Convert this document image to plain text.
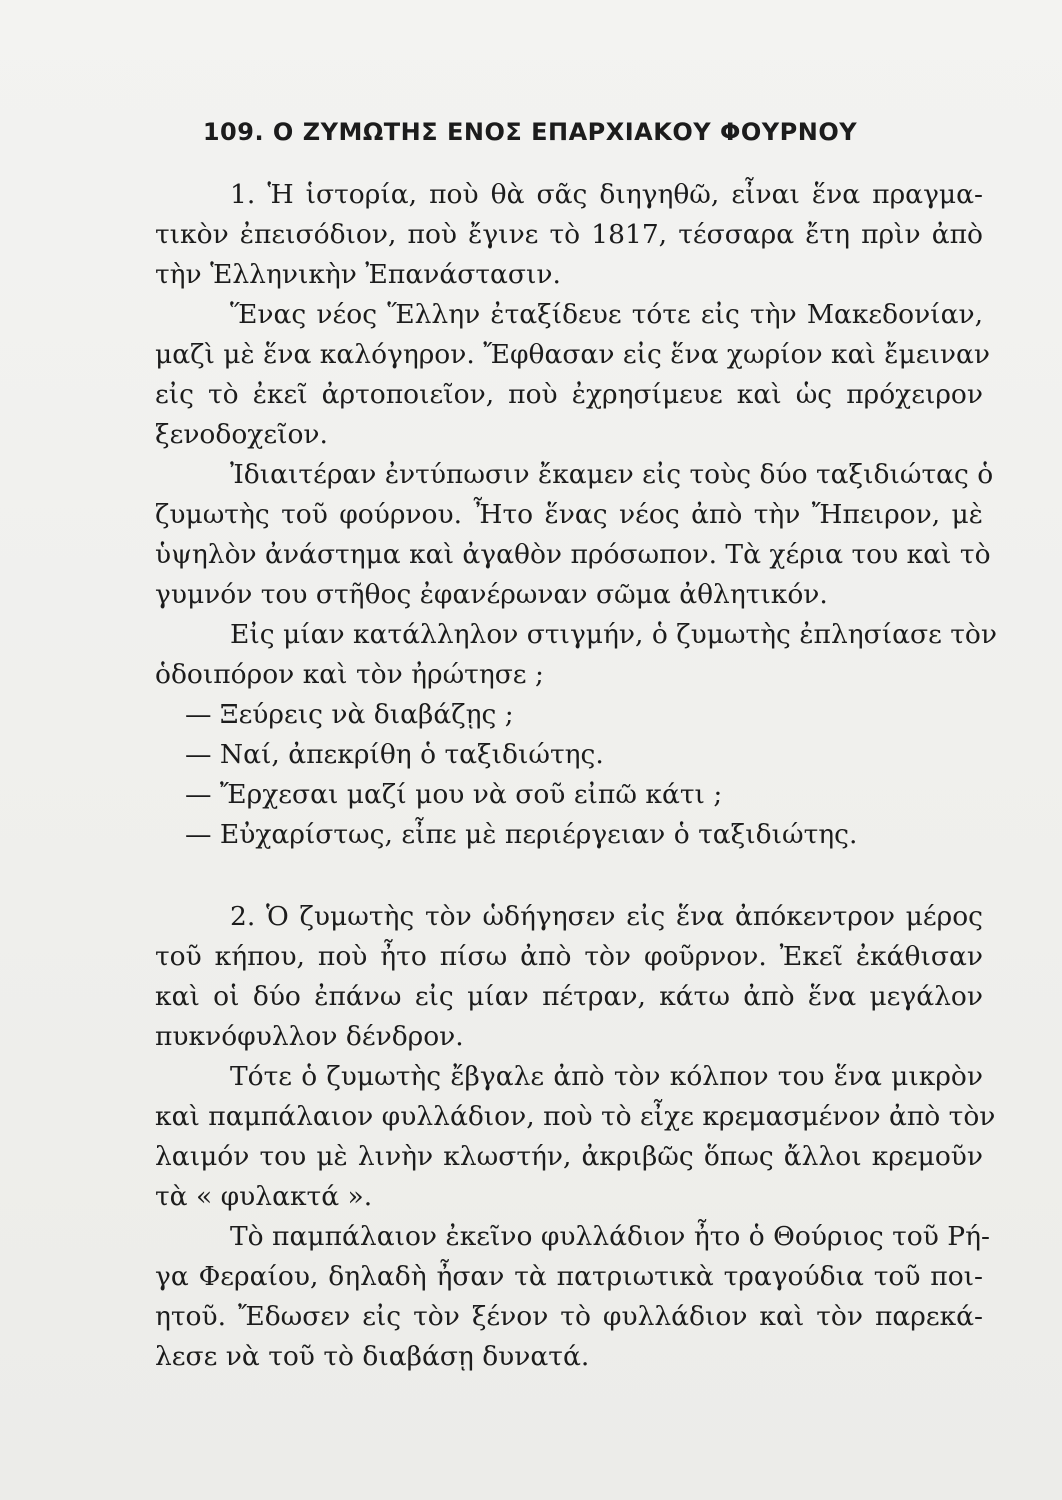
109. Ο ΖΥΜΩΤΗΣ ΕΝΟΣ ΕΠΑΡΧΙΑΚΟΥ ΦΟΥΡΝΟΥ
1. Ἡ ἱστορία, ποὺ θὰ σᾶς διηγηθῶ, εἶναι ἕνα πραγμα-
τικὸν ἐπεισόδιον, ποὺ ἔγινε τὸ 1817, τέσσαρα ἔτη πρὶν ἀπὸ
τὴν Ἑλληνικὴν Ἐπανάστασιν.
Ἕνας νέος Ἕλλην ἐταξίδευε τότε εἰς τὴν Μακεδονίαν,
μαζὶ μὲ ἕνα καλόγηρον. Ἔφθασαν εἰς ἕνα χωρίον καὶ ἔμειναν
εἰς τὸ ἐκεῖ ἀρτοποιεῖον, ποὺ ἐχρησίμευε καὶ ὡς πρόχειρον
ξενοδοχεῖον.
Ἰδιαιτέραν ἐντύπωσιν ἔκαμεν εἰς τοὺς δύο ταξιδιώτας ὁ
ζυμωτὴς τοῦ φούρνου. Ἦτο ἕνας νέος ἀπὸ τὴν Ἤπειρον, μὲ
ὑψηλὸν ἀνάστημα καὶ ἀγαθὸν πρόσωπον. Τὰ χέρια του καὶ τὸ
γυμνόν του στῆθος ἐφανέρωναν σῶμα ἀθλητικόν.
Εἰς μίαν κατάλληλον στιγμήν, ὁ ζυμωτὴς ἐπλησίασε τὸν
ὁδοιπόρον καὶ τὸν ἠρώτησε ;
— Ξεύρεις νὰ διαβάζῃς ;
— Ναί, ἀπεκρίθη ὁ ταξιδιώτης.
— Ἔρχεσαι μαζί μου νὰ σοῦ εἰπῶ κάτι ;
— Εὐχαρίστως, εἶπε μὲ περιέργειαν ὁ ταξιδιώτης.
2. Ὁ ζυμωτὴς τὸν ὡδήγησεν εἰς ἕνα ἀπόκεντρον μέρος
τοῦ κήπου, ποὺ ἦτο πίσω ἀπὸ τὸν φοῦρνον. Ἐκεῖ ἐκάθισαν
καὶ οἱ δύο ἐπάνω εἰς μίαν πέτραν, κάτω ἀπὸ ἕνα μεγάλον
πυκνόφυλλον δένδρον.
Τότε ὁ ζυμωτὴς ἔβγαλε ἀπὸ τὸν κόλπον του ἕνα μικρὸν
καὶ παμπάλαιον φυλλάδιον, ποὺ τὸ εἶχε κρεμασμένον ἀπὸ τὸν
λαιμόν του μὲ λινὴν κλωστήν, ἀκριβῶς ὅπως ἄλλοι κρεμοῦν
τὰ « φυλακτά ».
Τὸ παμπάλαιον ἐκεῖνο φυλλάδιον ἦτο ὁ Θούριος τοῦ Ρή-
γα Φεραίου, δηλαδὴ ἦσαν τὰ πατριωτικὰ τραγούδια τοῦ ποι-
ητοῦ. Ἔδωσεν εἰς τὸν ξένον τὸ φυλλάδιον καὶ τὸν παρεκά-
λεσε νὰ τοῦ τὸ διαβάσῃ δυνατά.
